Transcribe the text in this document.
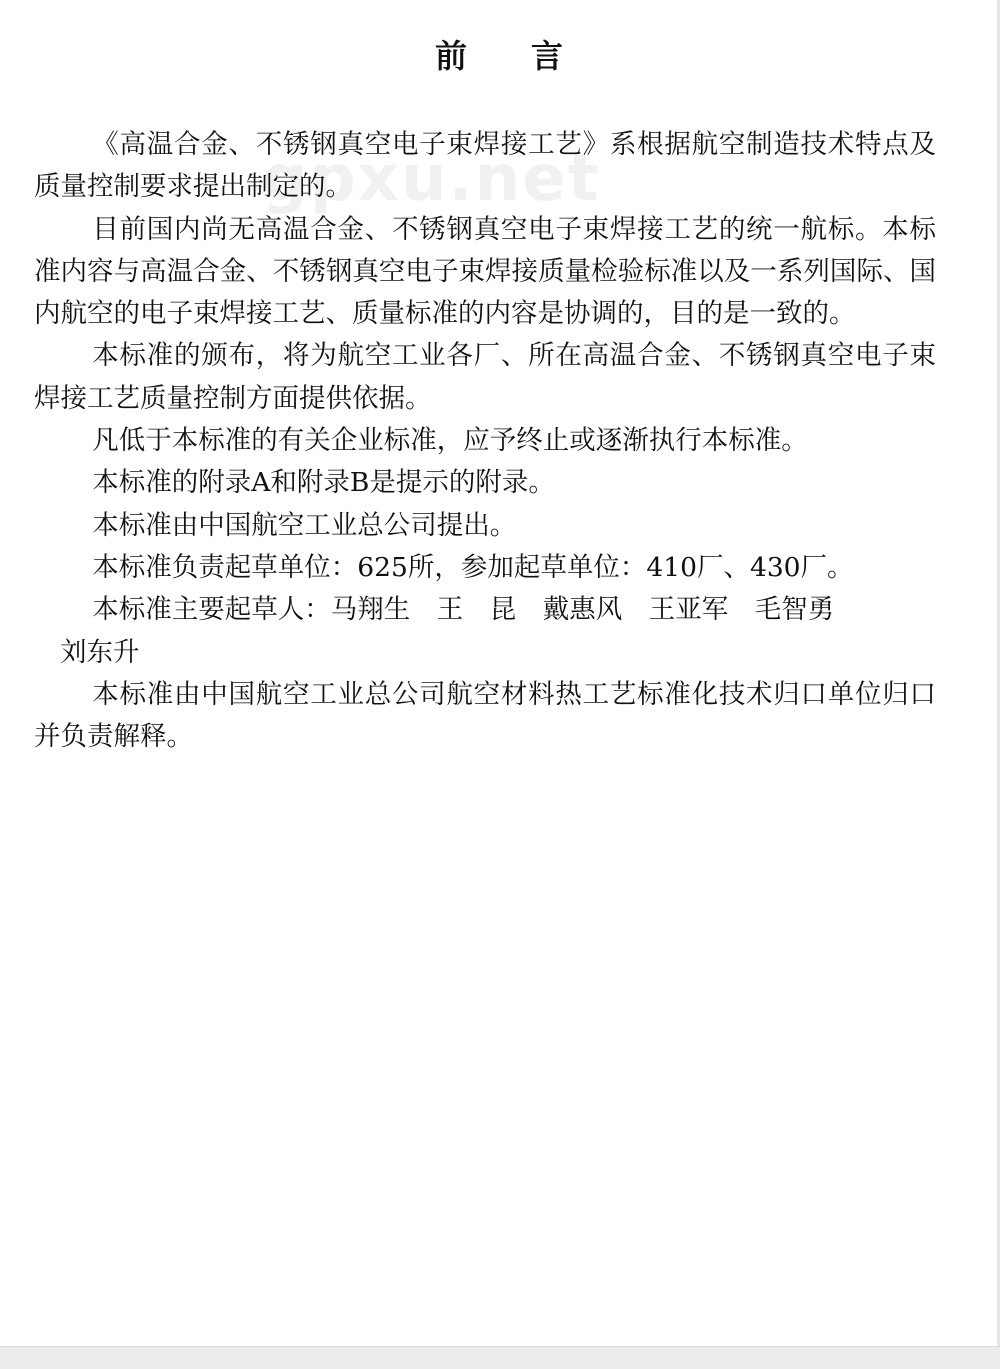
前 言
gpxu.net

《高温合金、不锈钢真空电子束焊接工艺》系根据航空制造技术特点及质量控制要求提出制定的。

目前国内尚无高温合金、不锈钢真空电子束焊接工艺的统一航标。本标准内容与高温合金、不锈钢真空电子束焊接质量检验标准以及一系列国际、国内航空的电子束焊接工艺、质量标准的内容是协调的，目的是一致的。

本标准的颁布，将为航空工业各厂、所在高温合金、不锈钢真空电子束焊接工艺质量控制方面提供依据。

凡低于本标准的有关企业标准，应予终止或逐渐执行本标准。

本标准的附录A和附录B是提示的附录。

本标准由中国航空工业总公司提出。

本标准负责起草单位：625所，参加起草单位：410厂、430厂。

本标准主要起草人：马翔生　王　昆　戴惠风　王亚军　毛智勇
刘东升

本标准由中国航空工业总公司航空材料热工艺标准化技术归口单位归口并负责解释。
